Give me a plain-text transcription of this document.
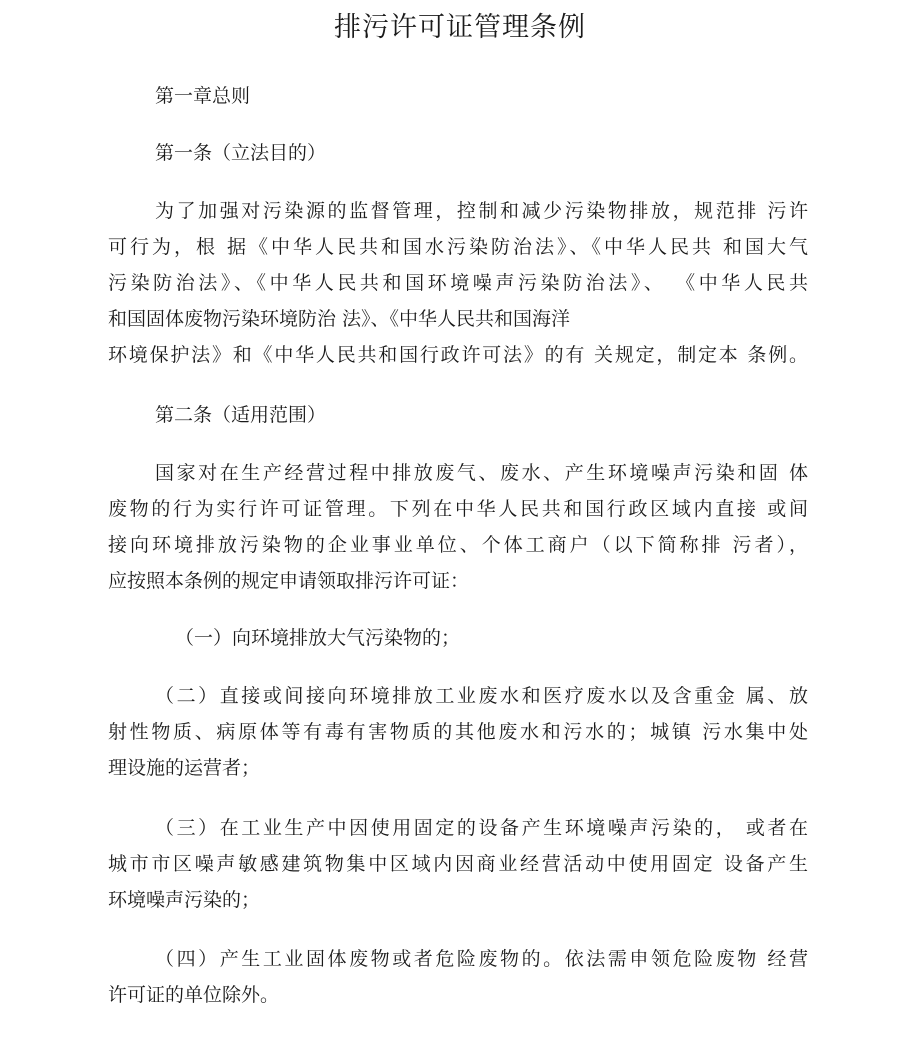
排污许可证管理条例
第一章总则
第一条（立法目的）
为了加强对污染源的监督管理，控制和减少污染物排放，规范排 污许
可行为，根 据《中华人民共和国水污染防治法》、《中华人民共 和国大气
污染防治法》、《中华人民共和国环境噪声污染防治法》、 《中华人民共
和国固体废物污染环境防治 法》、《中华人民共和国海洋
环境保护法》和《中华人民共和国行政许可法》的有 关规定，制定本 条例。
第二条（适用范围）
国家对在生产经营过程中排放废气、废水、产生环境噪声污染和固 体
废物的行为实行许可证管理。下列在中华人民共和国行政区域内直接 或间
接向环境排放污染物的企业事业单位、个体工商户（以下简称排 污者），
应按照本条例的规定申请领取排污许可证：
（一）向环境排放大气污染物的；
（二）直接或间接向环境排放工业废水和医疗废水以及含重金 属、放
射性物质、病原体等有毒有害物质的其他废水和污水的；城镇 污水集中处
理设施的运营者；
（三）在工业生产中因使用固定的设备产生环境噪声污染的， 或者在
城市市区噪声敏感建筑物集中区域内因商业经营活动中使用固定 设备产生
环境噪声污染的；
（四）产生工业固体废物或者危险废物的。依法需申领危险废物 经营
许可证的单位除外。
